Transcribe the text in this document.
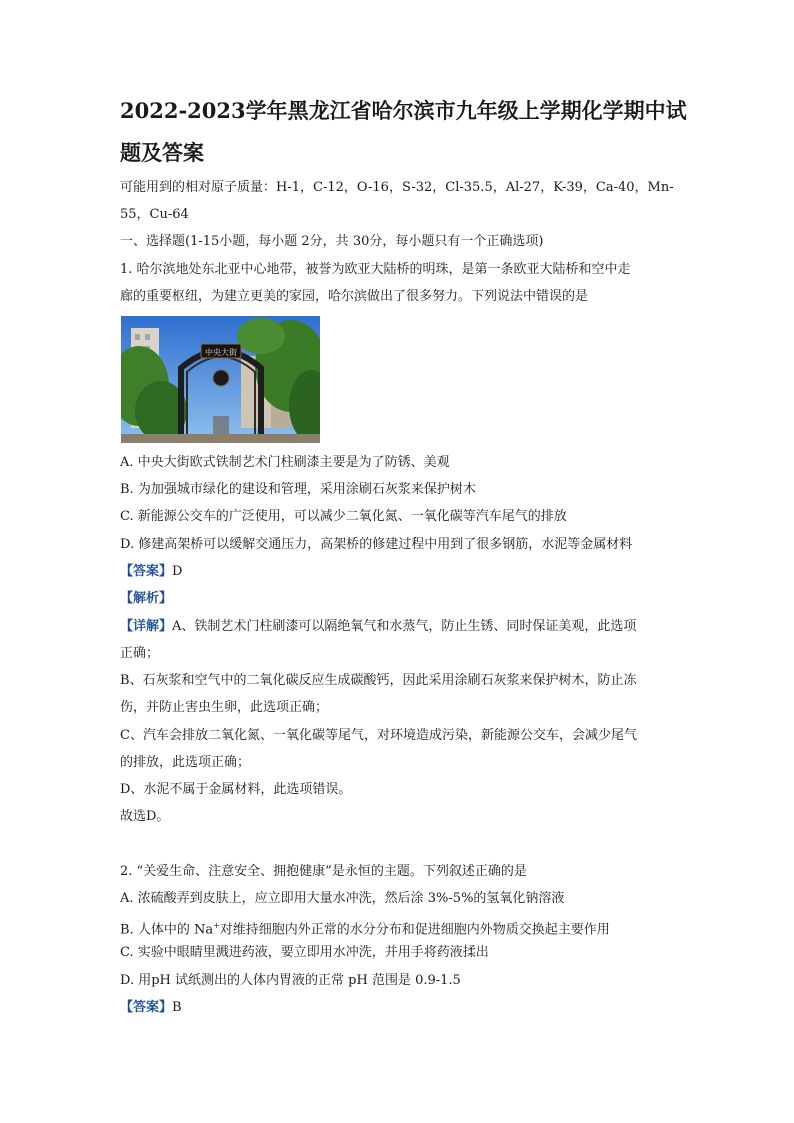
2022-2023学年黑龙江省哈尔滨市九年级上学期化学期中试
题及答案
可能用到的相对原子质量：H-1，C-12，O-16，S-32，Cl-35.5，Al-27，K-39，Ca-40，Mn-
55，Cu-64
一、选择题(1-15小题，每小题 2分，共 30分，每小题只有一个正确选项)
1. 哈尔滨地处东北亚中心地带，被誉为欧亚大陆桥的明珠，是第一条欧亚大陆桥和空中走
廊的重要枢纽，为建立更美的家园，哈尔滨做出了很多努力。下列说法中错误的是
中央大街
A. 中央大街欧式铁制艺术门柱刷漆主要是为了防锈、美观
B. 为加强城市绿化的建设和管理，采用涂刷石灰浆来保护树木
C. 新能源公交车的广泛使用，可以减少二氧化氮、一氧化碳等汽车尾气的排放
D. 修建高架桥可以缓解交通压力，高架桥的修建过程中用到了很多钢筋，水泥等金属材料
【答案】D
【解析】
【详解】A、铁制艺术门柱刷漆可以隔绝氧气和水蒸气，防止生锈、同时保证美观，此选项
正确；
B、石灰浆和空气中的二氧化碳反应生成碳酸钙，因此采用涂刷石灰浆来保护树木，防止冻
伤，并防止害虫生卵，此选项正确；
C、汽车会排放二氧化氮、一氧化碳等尾气，对环境造成污染，新能源公交车，会减少尾气
的排放，此选项正确；
D、水泥不属于金属材料，此选项错误。
故选D。
2. “关爱生命、注意安全、拥抱健康”是永恒的主题。下列叙述正确的是
A. 浓硫酸弄到皮肤上，应立即用大量水冲洗，然后涂 3%-5%的氢氧化钠溶液
B. 人体中的 Na+对维持细胞内外正常的水分分布和促进细胞内外物质交换起主要作用
C. 实验中眼睛里溅进药液，要立即用水冲洗，并用手将药液揉出
D. 用pH 试纸测出的人体内胃液的正常 pH 范围是 0.9-1.5
【答案】B
